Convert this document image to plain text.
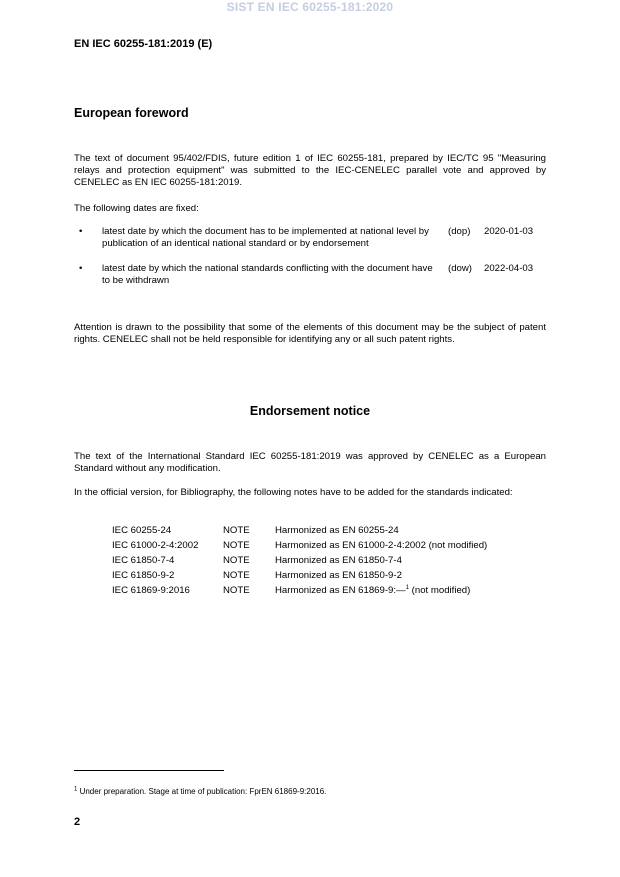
SIST EN IEC 60255-181:2020
EN IEC 60255-181:2019 (E)
European foreword
The text of document 95/402/FDIS, future edition 1 of IEC 60255-181, prepared by IEC/TC 95 "Measuring relays and protection equipment" was submitted to the IEC-CENELEC parallel vote and approved by CENELEC as EN IEC 60255-181:2019.
The following dates are fixed:
• latest date by which the document has to be implemented at national level by publication of an identical national standard or by endorsement
(dop) 2020-01-03
• latest date by which the national standards conflicting with the document have to be withdrawn
(dow) 2022-04-03
Attention is drawn to the possibility that some of the elements of this document may be the subject of patent rights. CENELEC shall not be held responsible for identifying any or all such patent rights.
Endorsement notice
The text of the International Standard IEC 60255-181:2019 was approved by CENELEC as a European Standard without any modification.
In the official version, for Bibliography, the following notes have to be added for the standards indicated:
IEC 60255-24	NOTE	Harmonized as EN 60255-24
IEC 61000-2-4:2002	NOTE	Harmonized as EN 61000-2-4:2002 (not modified)
IEC 61850-7-4	NOTE	Harmonized as EN 61850-7-4
IEC 61850-9-2	NOTE	Harmonized as EN 61850-9-2
IEC 61869-9:2016	NOTE	Harmonized as EN 61869-9:—$^1$ (not modified)
$^1$ Under preparation. Stage at time of publication: FprEN 61869-9:2016.
2
